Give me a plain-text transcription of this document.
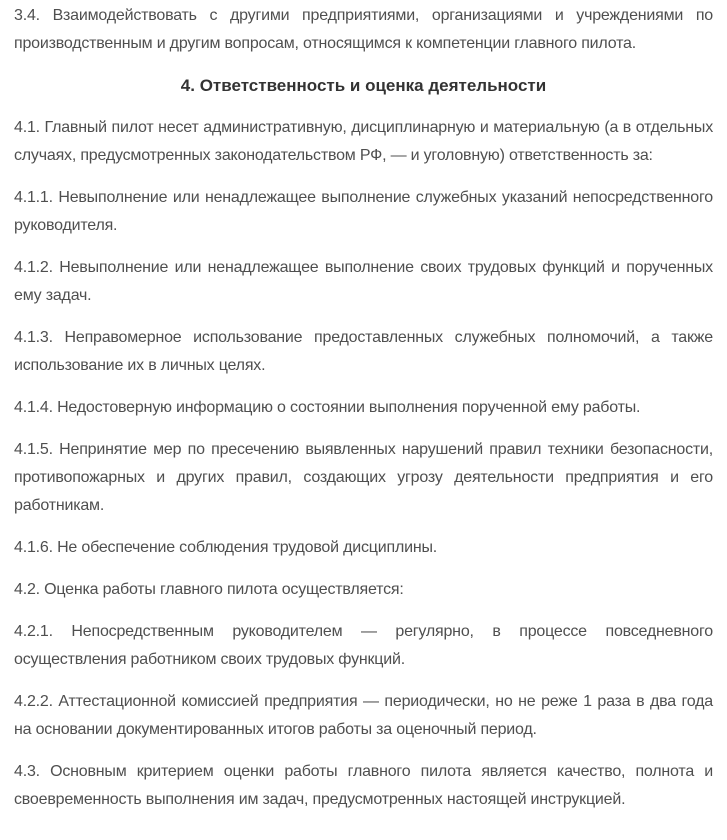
3.4. Взаимодействовать с другими предприятиями, организациями и учреждениями по производственным и другим вопросам, относящимся к компетенции главного пилота.

4. Ответственность и оценка деятельности

4.1. Главный пилот несет административную, дисциплинарную и материальную (а в отдельных случаях, предусмотренных законодательством РФ, — и уголовную) ответственность за:

4.1.1. Невыполнение или ненадлежащее выполнение служебных указаний непосредственного руководителя.

4.1.2. Невыполнение или ненадлежащее выполнение своих трудовых функций и порученных ему задач.

4.1.3. Неправомерное использование предоставленных служебных полномочий, а также использование их в личных целях.

4.1.4. Недостоверную информацию о состоянии выполнения порученной ему работы.

4.1.5. Непринятие мер по пресечению выявленных нарушений правил техники безопасности, противопожарных и других правил, создающих угрозу деятельности предприятия и его работникам.

4.1.6. Не обеспечение соблюдения трудовой дисциплины.

4.2. Оценка работы главного пилота осуществляется:

4.2.1. Непосредственным руководителем — регулярно, в процессе повседневного осуществления работником своих трудовых функций.

4.2.2. Аттестационной комиссией предприятия — периодически, но не реже 1 раза в два года на основании документированных итогов работы за оценочный период.

4.3. Основным критерием оценки работы главного пилота является качество, полнота и своевременность выполнения им задач, предусмотренных настоящей инструкцией.
